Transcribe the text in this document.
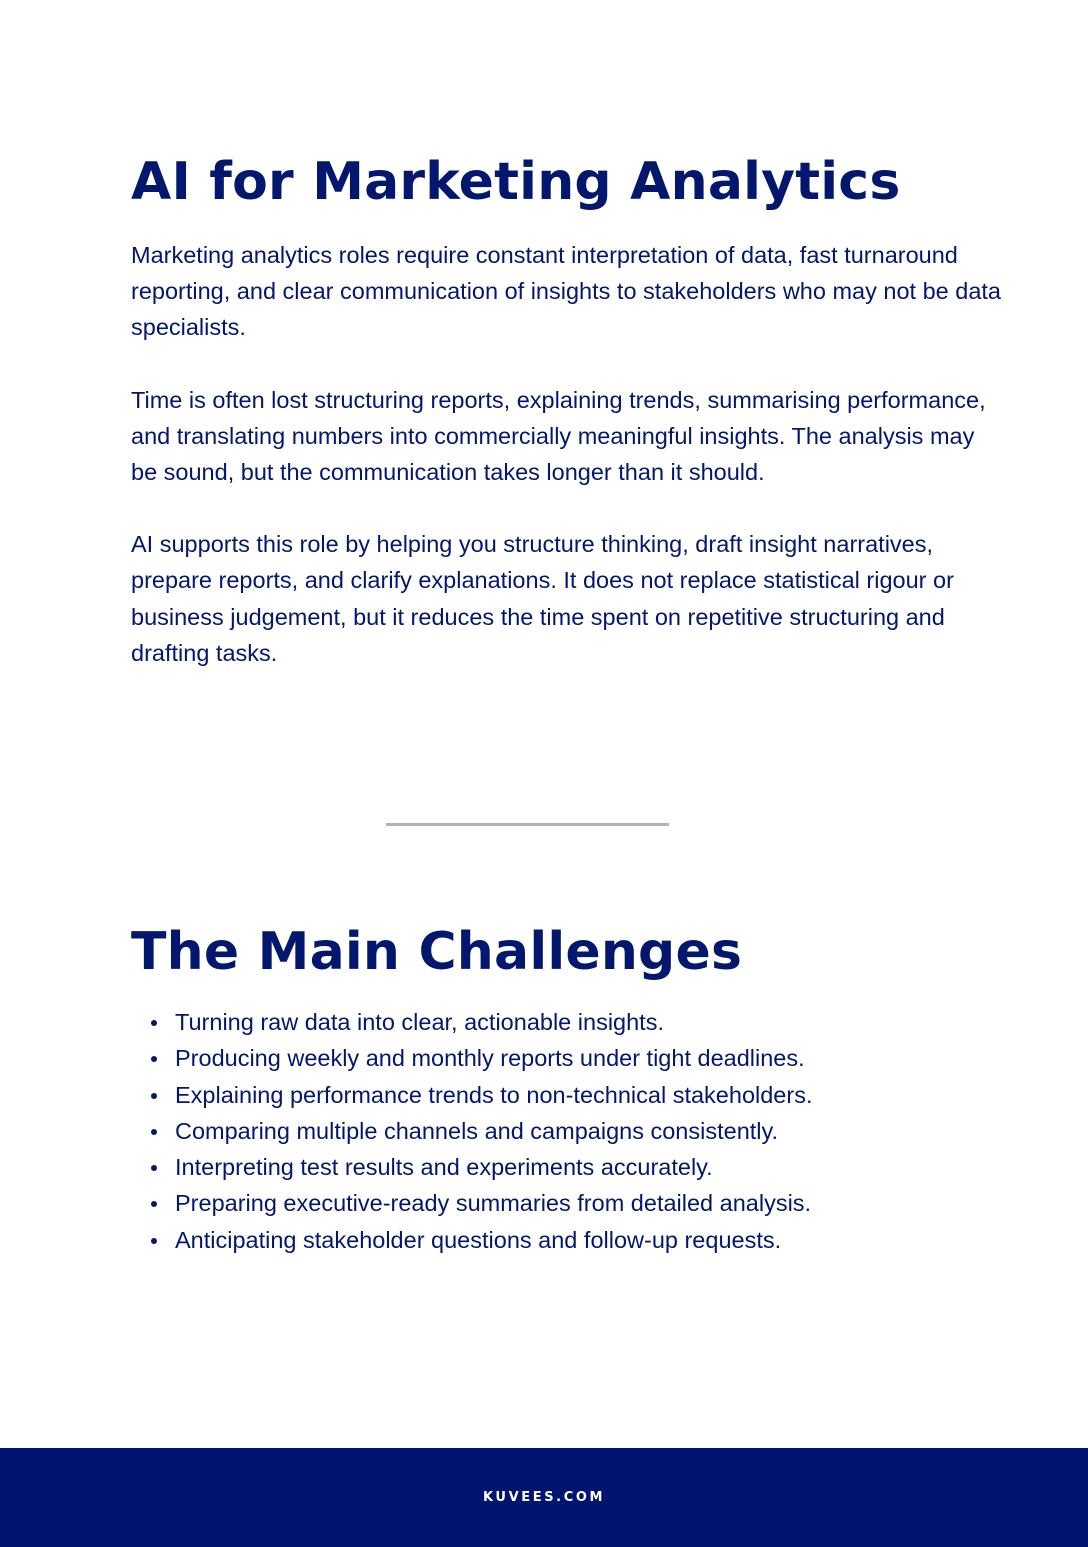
AI for Marketing Analytics

Marketing analytics roles require constant interpretation of data, fast turnaround reporting, and clear communication of insights to stakeholders who may not be data specialists.

Time is often lost structuring reports, explaining trends, summarising performance, and translating numbers into commercially meaningful insights. The analysis may be sound, but the communication takes longer than it should.

AI supports this role by helping you structure thinking, draft insight narratives, prepare reports, and clarify explanations. It does not replace statistical rigour or business judgement, but it reduces the time spent on repetitive structuring and drafting tasks.

The Main Challenges
Turning raw data into clear, actionable insights.
Producing weekly and monthly reports under tight deadlines.
Explaining performance trends to non-technical stakeholders.
Comparing multiple channels and campaigns consistently.
Interpreting test results and experiments accurately.
Preparing executive-ready summaries from detailed analysis.
Anticipating stakeholder questions and follow-up requests.
KUVEES.COM
